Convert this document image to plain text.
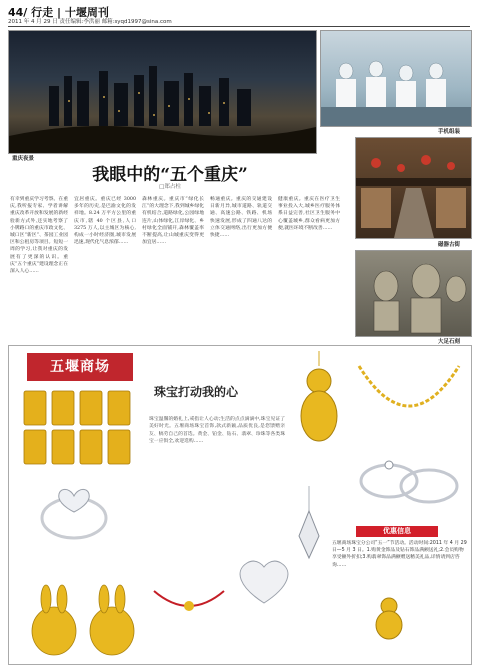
44/ 行走 | 十堰周刊
2011 年 4 月 29 日 责任编辑:李洪丽 邮箱:syqd1997@sina.com
重庆夜景
我眼中的“五个重庆”
□郑占柱
有幸到重庆学习考察。在重庆,我听报专家、学者讲解重庆改革开放和发展的新经验新方式外,还实地考察了小牌路口的重庆市政文化、城口区“新区”、茶园工业园区和公租房等项目。短短一周的学习,让我对重庆的发展有了更深的认识。重庆“五个重庆”建设理念正在深入人心……
宜居重庆。重庆已经 3000 多年的历史,是巴渝文化的发祥地。8.24 万平方公里的重庆市,辖 40 个区县,人口 3275 万人,以主城区为核心,构成一小时经济圈,城市发展迅速,现代化气息浓郁……
森林重庆。重庆市“绿化长江”的大理念下,我到城乡绿化有机结合,道路绿化,公园绿地连片,山体绿化,江岸绿化、乡村绿化全面铺开,森林覆盖率不断提高,让山城重庆变得更加宜居……
畅通重庆。重庆的交通建设日新月异,城市道路、轨道交通、高速公路、铁路、机场快速发展,形成了四通八达的立体交通网络,出行更加方便快捷……
健康重庆。重庆在医疗卫生事业投入大,城乡医疗服务体系日益完善,社区卫生服务中心覆盖城乡,群众看病更加方便,就医环境不断改善……
手机组装
磁器古街
大足石刻
五堰商场
珠宝打动我的心
珠宝温馨的婚礼上,戒指让人心动;生活的点点滴滴中,珠宝见证了美好时光。五堰商场珠宝首饰,款式新颖,品质优良,是您馈赠亲友、犒劳自己的首选。黄金、铂金、钻石、翡翠、珍珠等各类珠宝一应俱全,欢迎选购……
优惠信息
五堰商场珠宝分公司“五一”节活动。活动时间:2011 年 4 月 29 日—5 月 3 日。1.购黄金饰品及钻石饰品满额送礼;2.会员购物享受额外折扣;3.购翡翠饰品满额赠送精美礼品,详情请到店咨询……
